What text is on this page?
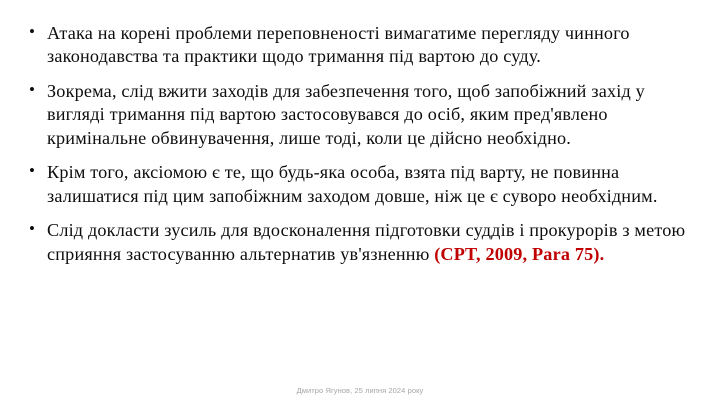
• Атака на корені проблеми переповненості вимагатиме перегляду чинного законодавства та практики щодо тримання під вартою до суду.
• Зокрема, слід вжити заходів для забезпечення того, щоб запобіжний захід у вигляді тримання під вартою застосовувався до осіб, яким пред'явлено кримінальне обвинувачення, лише тоді, коли це дійсно необхідно.
• Крім того, аксіомою є те, що будь-яка особа, взята під варту, не повинна залишатися під цим запобіжним заходом довше, ніж це є суворо необхідним.
• Слід докласти зусиль для вдосконалення підготовки суддів і прокурорів з метою сприяння застосуванню альтернатив ув'язненню (CPT, 2009, Para 75).
Дмитро Ягунов, 25 липня 2024 року
